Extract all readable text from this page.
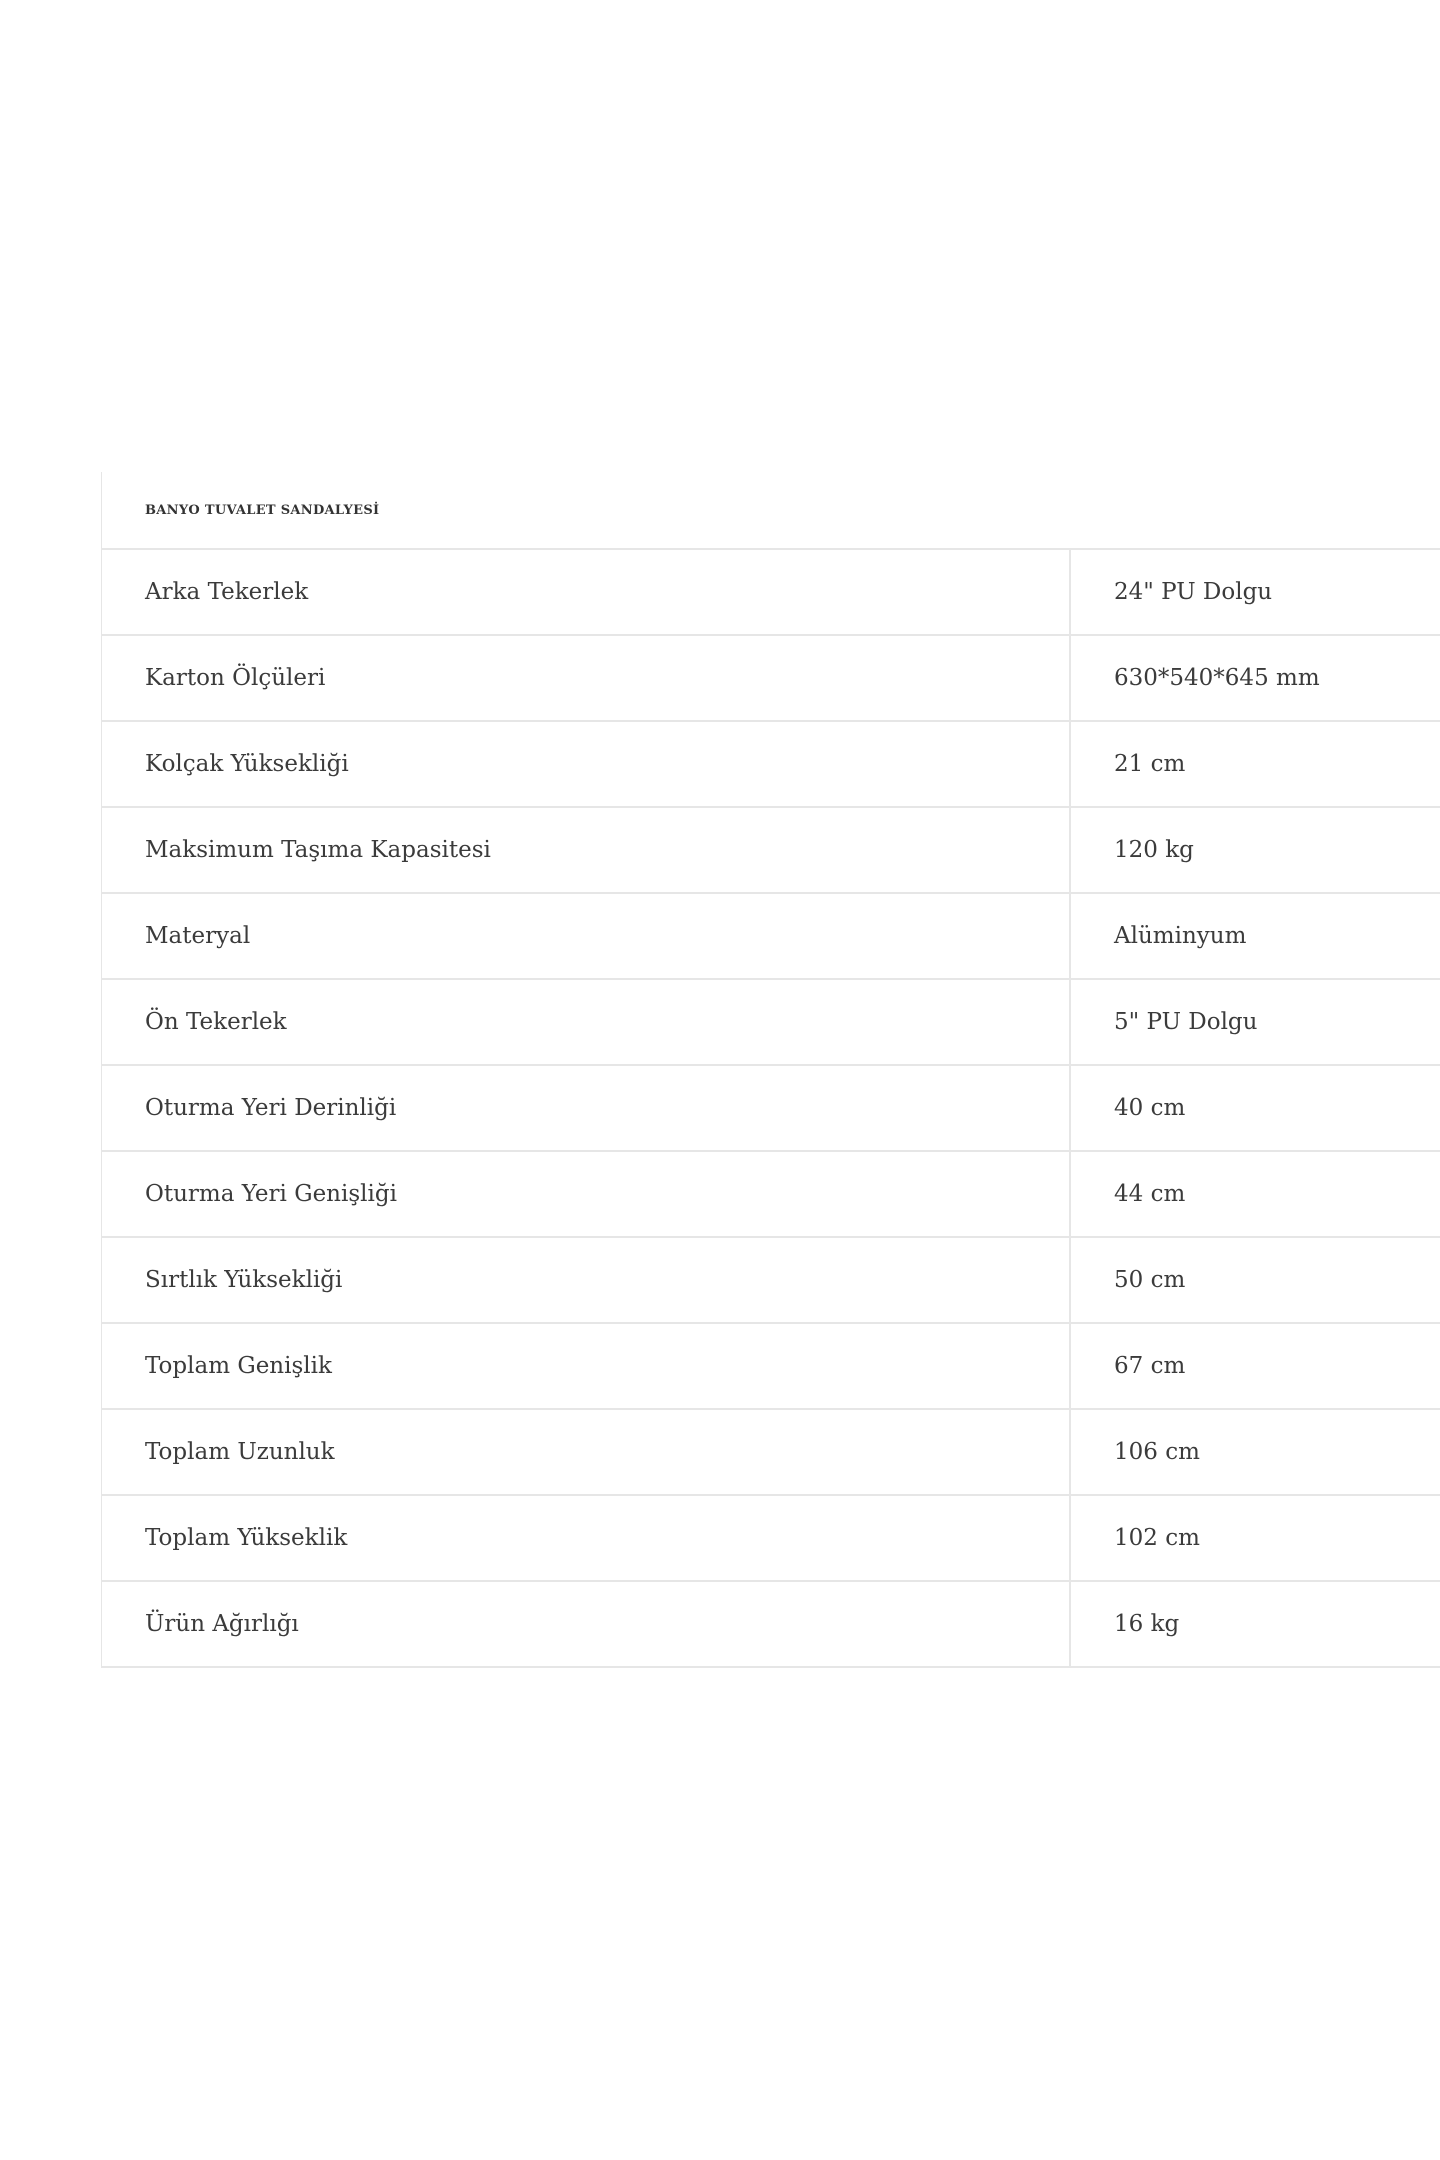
BANYO TUVALET SANDALYESİ
Arka Tekerlek	24" PU Dolgu
Karton Ölçüleri	630*540*645 mm
Kolçak Yüksekliği	21 cm
Maksimum Taşıma Kapasitesi	120 kg
Materyal	Alüminyum
Ön Tekerlek	5" PU Dolgu
Oturma Yeri Derinliği	40 cm
Oturma Yeri Genişliği	44 cm
Sırtlık Yüksekliği	50 cm
Toplam Genişlik	67 cm
Toplam Uzunluk	106 cm
Toplam Yükseklik	102 cm
Ürün Ağırlığı	16 kg
